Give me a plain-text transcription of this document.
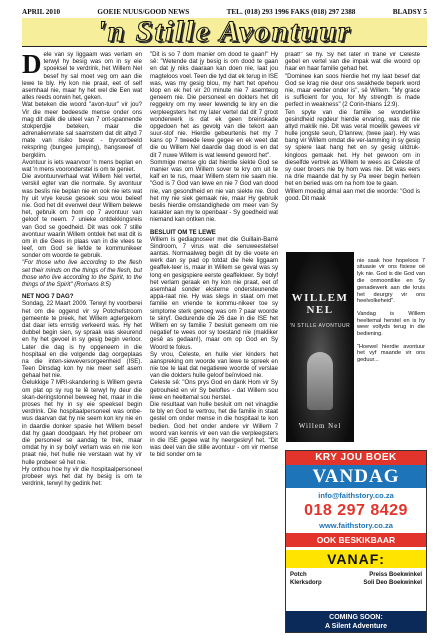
APRIL 2010	GOEIE NUUS/GOOD NEWS	TEL. (018) 293 1996 FAKS (018) 297 2388	BLADSY 5
'n Stille Avontuur

Dele van sy liggaam was verlam en terwyl hy besig was om in sy eie spoeksel te verdrink, het Willem Nel besef hy sal moet veg om aan die lewe te bly. Hy kon nie praat, eet of self asemhaal nie, maar hy het wel die Een wat alles reeds oorwin het, geken.

Wat beteken die woord "avon-tuur" vir jou? Vir die meer bedeesde mense onder ons mag dit dalk die uiteel van 7 ont-spannende stokperdjie beteken, maar die adrenalienvrate sal saamstem dat dit altyd 7 mate van risiko bevat - byvoorbeeld rekspring (bungee jumping), hangsweef of bergklim.

Avontuur is iets waarvoor 'n mens beplan en wat 'n mens vooronderstel is om te geniet.

Die avontuurverhaal wat Willem Nel vertel, verskil egter van die normale. Sy avontuur was beslis nie beplan nie en ook nie iets wat hy uit vrye keuse gesoek sou wou beleef nie. God het dit evenwel deur Willem belewe het, gebruik om hom op 7 avontuur van geloof te neem. 7 unieke ontdekkingsreis van God se goedheid. Dit was ook 7 stille avontuur waarin Willem ontdek het wat dit is om in die Gees in plaas van in die vlees te leef, om God se liefde te kommunikeer sonder om woorde te gebruik.

"For those who live according to the flesh set their minds on the things of the flesh, but those who live according to the Spirit, to the things of the Spirit" (Romans 8:5)

NET NOG 7 DAG?

Sondag, 22 Maart 2009. Terwyl hy voorberei het om die oggend vir sy Potchefstroom gemeente te preek, het Willem agtergekom dat daar iets ernstig verkeerd was. Hy het dubbel begin sien, sy spraak was skeurend en hy het gevoel in sy gesig begin verloor. Later die dag is hy opgeneem in die hospitaal en die volgende dag oorgeplaas na die inten-sieweversorgeenheid (ISE). Teen Dinsdag kon hy nie meer self asem gehaal het nie.

Gelukkige 7 MRI-skandering is Willem gevra om plat op sy rug te lê terwyl hy deur die skan-deringstonnel beweeg het, maar in die proses het hy in sy eie speeksel begin verdrink. Die hospitaalpersoneel was onbe-wus daarvan dat hy nie seem kon kry nie en in daardie donker spasie het Willem besef dat hy gaan doodgaan. Hy het probeer om die personeel se aandag te trek, maar omdat hy in sy bolyf verlam was en nie kon praat nie, het hulle nie verstaan wat hy vir hulle probeer sê het nie.

Hy onthou hoe hy vir die hospitaalpersoneel probeer wys het dat hy besig is om te verdrink, terwyl hy gedink het:

"Dit is so 7 dom manier om dood te gaan!" Hy sê: "Wetende dat jy besig is om dood te gaan en dat jy niks daaraan kan doen nie, laat jou magteloos voel. Teen die tyd dat ek terug in ISE was, was my gesig blou, my hart het opehou klop en ek het vir 20 minute nie 7 asemteug geneem nie. Die personeel en dokters het dit reggekry om my weer lewendig te kry en die verpleegsters het my later vertel dat dit 7 groot wonderwerk is dat ek geen breinskade opgedoen het as gevolg van die tekort aan suur-stof nie. Hierdie gebeurtenis het my 7 kans op 7 tweede lewe gegee en ek weet dat die ou Willem Nel daardie dag dood is en dat dit 7 nuwe Willem is wat lewend geword het".

Sommige mense glo dat hierdie siekte God se manier was om Willem sover te kry om uit te kalf en te rus, maar Willem stem nie saam nie. "God is 7 God van lewe en nie 7 God van dood nie, van gesondheid en nie van siekte nie. God het my nie siek gemaak nie, maar Hy gebruik beslis hierdie omstandighede om meer van Sy karakter aan my te openbaar - Sy goedheid wat niemand kan ontken nie.

BESLUIT OM TE LEWE

Willem is gediagnoseer met die Guillain-Barré Sindroom, 7 virus wat die senuweestelsel aantas. Normaalweg begin dit by die voete en werk dan sy pad op totdat die hele liggaam geaffek-teer is, maar in Willem se geval was sy long en gesigspiere eerste geaffekteer. Sy bolyf het verlam geraak en hy kon nie praat, eet of asemhaal sonder eksterne ondersteunende appa-raat nie. Hy was slegs in staat om met familie en vriende te kommu-nikeer toe sy simptome sterk genoeg was om 7 paar woorde te skryf. Gedurende die 26 dae in die ISE het Willem en sy familie 7 besluit geneem om nie negatief te wees oor sy toestand nie (makliker gesê as gedaan!), maar om op God en Sy Woord te fokus.

Sy vrou, Celeste, en hulle vier kinders het aanspreking om woorde van lewe te spreek en nie toe te laat dat negatiewe woorde of verslae van die dokters hulle geloof beïnvloed nie.

Celeste sê: "Ons prys God en dank Hom vir Sy getrouheid en vir Sy beloftes - dat Willem sou lewe en heeltemal sou herstel.

Die resultaat van hulle besluit om net vinagdie te bly en God te vertrou, het die familie in staat gestel om onder mense in die hospitaal te kon bedien. God het onder andere vir Willem 7 woord van kennis vir een van die verpleegsters in die ISE gegee wat hy neergeskryf het. "Dit was deel van die stille avontuur - om vir mense te bid sonder om te

praat!" sê hy. Sy het later in trane vir Celeste gebel en vertel van die impak wat die woord op haar en haar familie gehad het.

"Dominee kan soos hierdie het my laat besef dat God se krag nie deur ons swakhede beperk word nie, maar eerder onder is", sê Willem. "My grace is sufficient for you, for My strength is made perfect in weakness" (2 Corin-thians 12:9).

Ten spyte van die familie se wonderlike gesindheid regdeur hierdie ervaring, was dit nie altyd maklik nie. Dit was veral moeilik gewees vir hulle jongste seun, D'lanrew, (twee jaar). Hy was bang vir Willem omdat die ver-lamming in sy gesig sy spiere laat hang het en sy gesig uitdruk-kingloos gemaak het. Hy het gewoon om in dieselfde vertrek as Willem te wees as Celeste of sy ouer broers nie by hom was nie. Dit was eers na drie maande dat hy sy Pa weer begin herken het en beried was om na hom toe te gaan.

Willem moedig almal aan met die woorde: "God is good. Dit maak

nie saak hoe hopeloos 7 situasie vir ons fisiese oë lyk nie. God is die God van die onmoontlike en Sy genadewerk aan die kruis het deurgry vir ons heelvolkeheid".

Vandag is Willem heeltemal herstel en is hy weer voltyds terug in die bediening.

"Hoewel hierdie avontuur het vyf maande vir ons geduur...

WILLEM NEL
'N STILLE AVONTUUR
Willem Nel
KRY JOU BOEK
VANDAG
info@faithstory.co.za
018 297 8429
www.faithstory.co.za
OOK BESKIKBAAR
VANAF:
Potch	Preiss Boekwinkel
Klerksdorp	Soli Deo Boekwinkel
COMING SOON:
A Silent Adventure
